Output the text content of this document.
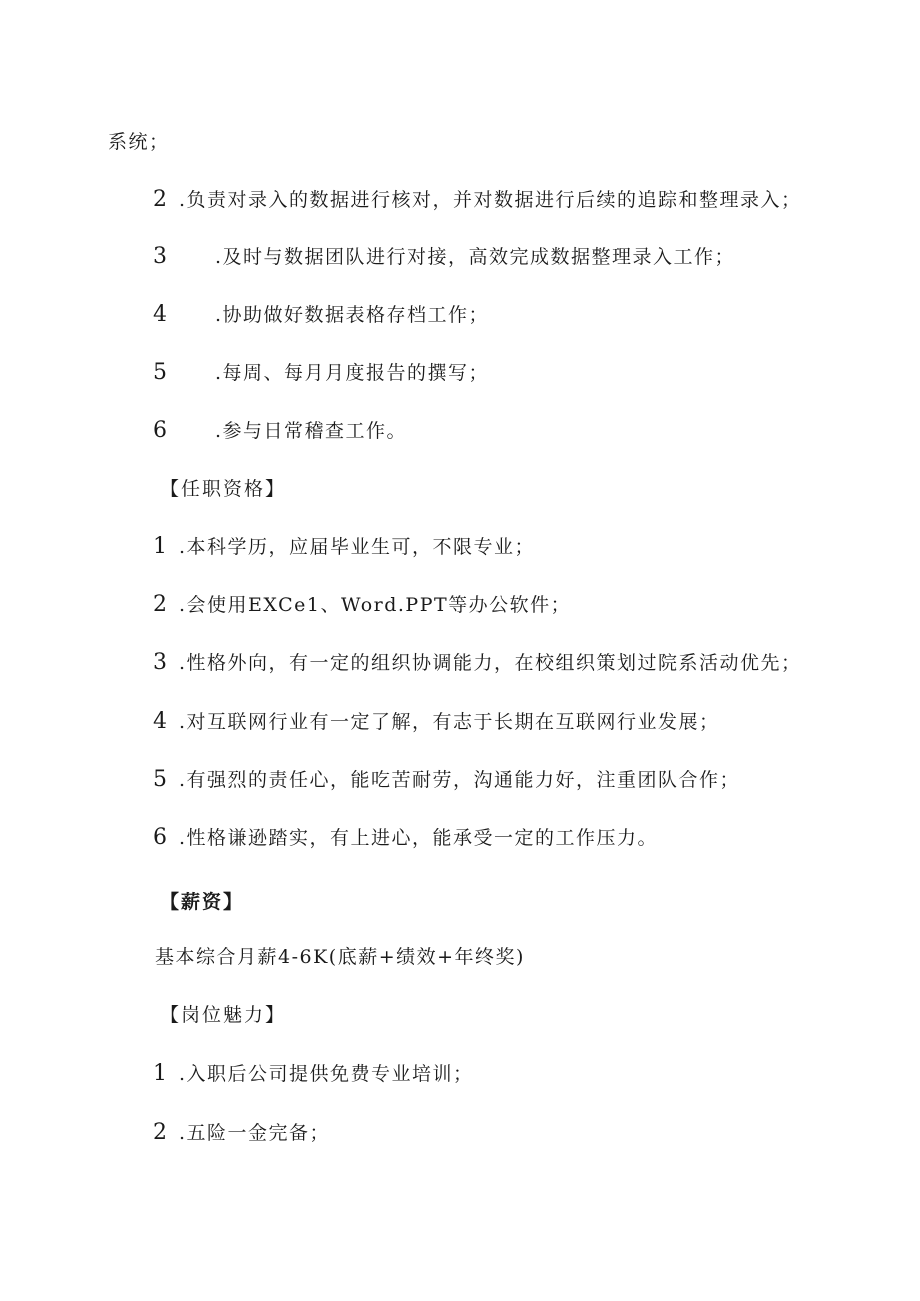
系统；
2 .负责对录入的数据进行核对，并对数据进行后续的追踪和整理录入；
3	.及时与数据团队进行对接，高效完成数据整理录入工作；
4	.协助做好数据表格存档工作；
5	.每周、每月月度报告的撰写；
6	.参与日常稽查工作。
【任职资格】
1 .本科学历，应届毕业生可，不限专业；
2 .会使用EXCe1、Word.PPT等办公软件；
3 .性格外向，有一定的组织协调能力，在校组织策划过院系活动优先；
4 .对互联网行业有一定了解，有志于长期在互联网行业发展；
5 .有强烈的责任心，能吃苦耐劳，沟通能力好，注重团队合作；
6 .性格谦逊踏实，有上进心，能承受一定的工作压力。
【薪资】
基本综合月薪4-6K(底薪+绩效+年终奖)
【岗位魅力】
1 .入职后公司提供免费专业培训；
2 .五险一金完备；
